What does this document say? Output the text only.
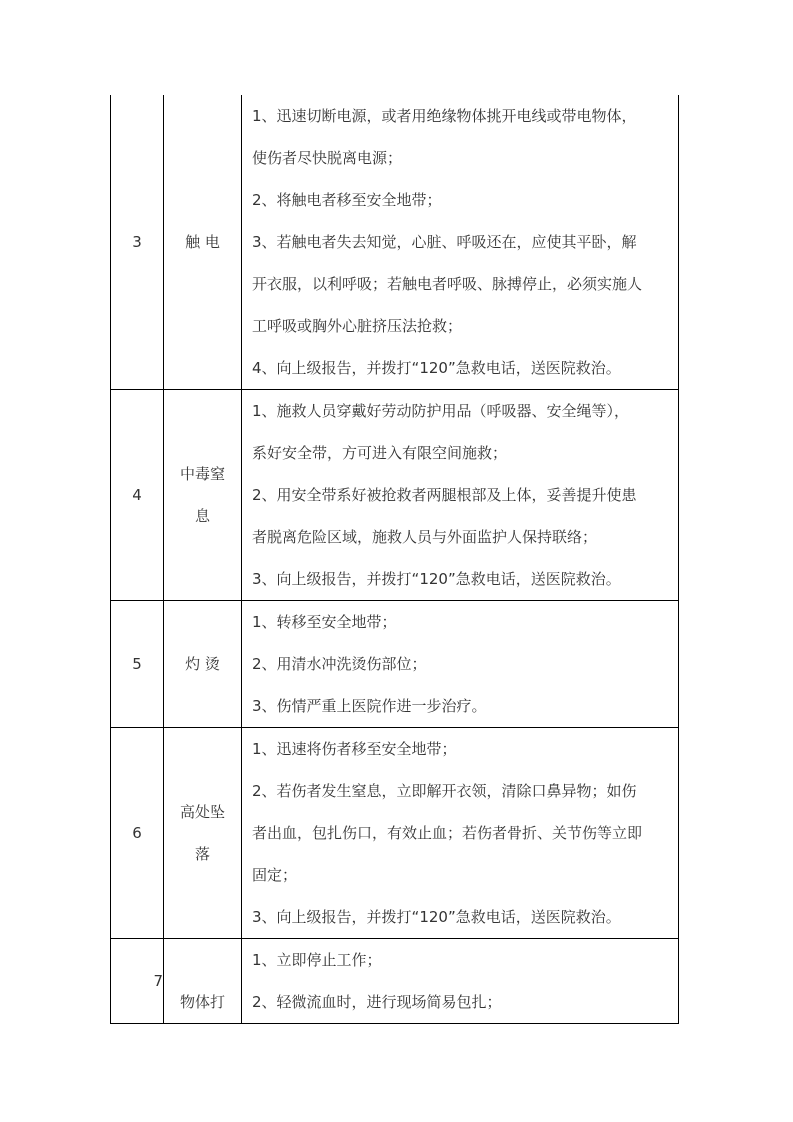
3	触 电
1、迅速切断电源，或者用绝缘物体挑开电线或带电物体，
使伤者尽快脱离电源；
2、将触电者移至安全地带；
3、若触电者失去知觉，心脏、呼吸还在，应使其平卧，解
开衣服，以利呼吸；若触电者呼吸、脉搏停止，必须实施人
工呼吸或胸外心脏挤压法抢救；
4、向上级报告，并拨打“120”急救电话，送医院救治。
4
中毒窒
息
1、施救人员穿戴好劳动防护用品（呼吸器、安全绳等），
系好安全带，方可进入有限空间施救；
2、用安全带系好被抢救者两腿根部及上体，妥善提升使患
者脱离危险区域，施救人员与外面监护人保持联络；
3、向上级报告，并拨打“120”急救电话，送医院救治。
5	灼 烫
1、转移至安全地带；
2、用清水冲洗烫伤部位；
3、伤情严重上医院作进一步治疗。
6
高处坠
落
1、迅速将伤者移至安全地带；
2、若伤者发生窒息，立即解开衣领，清除口鼻异物；如伤
者出血，包扎伤口，有效止血；若伤者骨折、关节伤等立即
固定；
3、向上级报告，并拨打“120”急救电话，送医院救治。
7
物体打
1、立即停止工作；
2、轻微流血时，进行现场简易包扎；
